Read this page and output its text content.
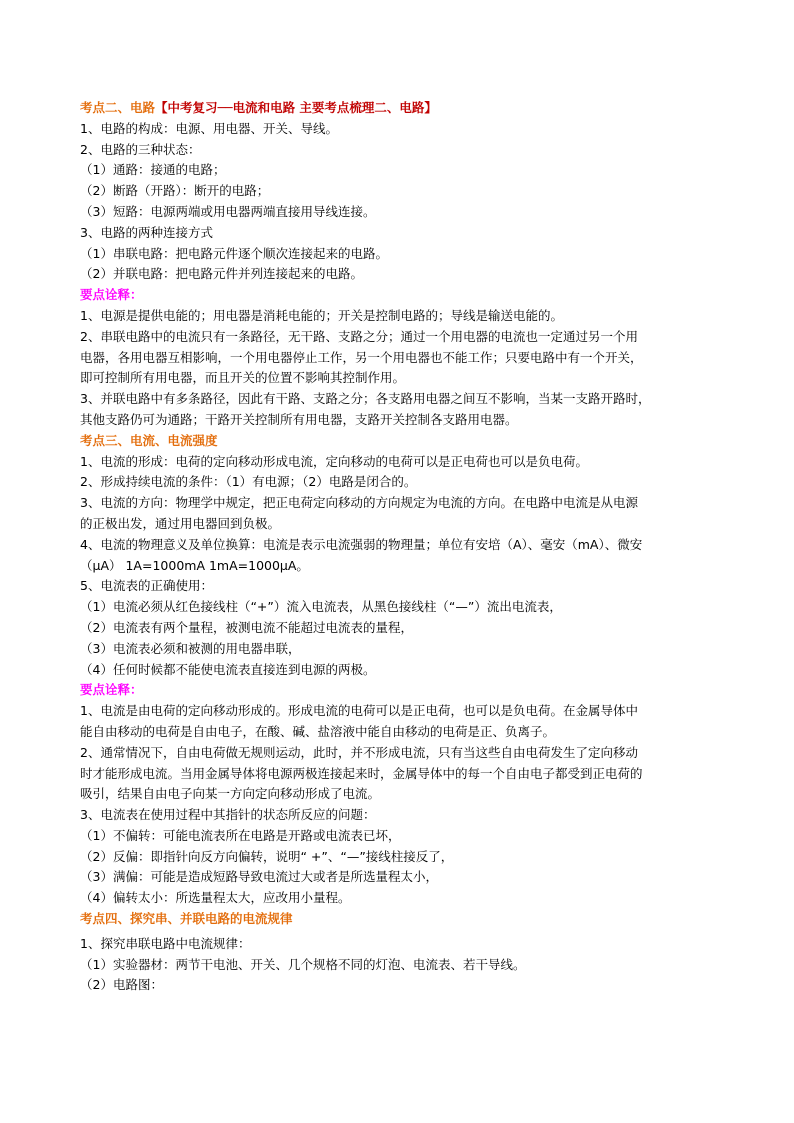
考点二、电路【中考复习──电流和电路 主要考点梳理二、电路】
1、电路的构成：电源、用电器、开关、导线。
2、电路的三种状态：
（1）通路：接通的电路；
（2）断路（开路）：断开的电路；
（3）短路：电源两端或用电器两端直接用导线连接。
3、电路的两种连接方式
（1）串联电路：把电路元件逐个顺次连接起来的电路。
（2）并联电路：把电路元件并列连接起来的电路。
要点诠释：
1、电源是提供电能的；用电器是消耗电能的；开关是控制电路的；导线是输送电能的。
2、串联电路中的电流只有一条路径，无干路、支路之分；通过一个用电器的电流也一定通过另一个用
电器，各用电器互相影响，一个用电器停止工作，另一个用电器也不能工作；只要电路中有一个开关，
即可控制所有用电器，而且开关的位置不影响其控制作用。
3、并联电路中有多条路径，因此有干路、支路之分；各支路用电器之间互不影响，当某一支路开路时，
其他支路仍可为通路；干路开关控制所有用电器，支路开关控制各支路用电器。
考点三、电流、电流强度
1、电流的形成：电荷的定向移动形成电流，定向移动的电荷可以是正电荷也可以是负电荷。
2、形成持续电流的条件：（1）有电源；（2）电路是闭合的。
3、电流的方向：物理学中规定，把正电荷定向移动的方向规定为电流的方向。在电路中电流是从电源
的正极出发，通过用电器回到负极。
4、电流的物理意义及单位换算：电流是表示电流强弱的物理量；单位有安培（A）、毫安（mA）、微安
（μA） 1A=1000mA 1mA=1000μA。
5、电流表的正确使用：
（1）电流必须从红色接线柱（“+”）流入电流表，从黑色接线柱（“—”）流出电流表，
（2）电流表有两个量程，被测电流不能超过电流表的量程，
（3）电流表必须和被测的用电器串联，
（4）任何时候都不能使电流表直接连到电源的两极。
要点诠释：
1、电流是由电荷的定向移动形成的。形成电流的电荷可以是正电荷，也可以是负电荷。在金属导体中
能自由移动的电荷是自由电子，在酸、碱、盐溶液中能自由移动的电荷是正、负离子。
2、通常情况下，自由电荷做无规则运动，此时，并不形成电流，只有当这些自由电荷发生了定向移动
时才能形成电流。当用金属导体将电源两极连接起来时，金属导体中的每一个自由电子都受到正电荷的
吸引，结果自由电子向某一方向定向移动形成了电流。
3、电流表在使用过程中其指针的状态所反应的问题：
（1）不偏转：可能电流表所在电路是开路或电流表已坏，
（2）反偏：即指针向反方向偏转，说明“ +”、“—”接线柱接反了，
（3）满偏：可能是造成短路导致电流过大或者是所选量程太小，
（4）偏转太小：所选量程太大，应改用小量程。
考点四、探究串、并联电路的电流规律
1、探究串联电路中电流规律：
（1）实验器材：两节干电池、开关、几个规格不同的灯泡、电流表、若干导线。
（2）电路图：
